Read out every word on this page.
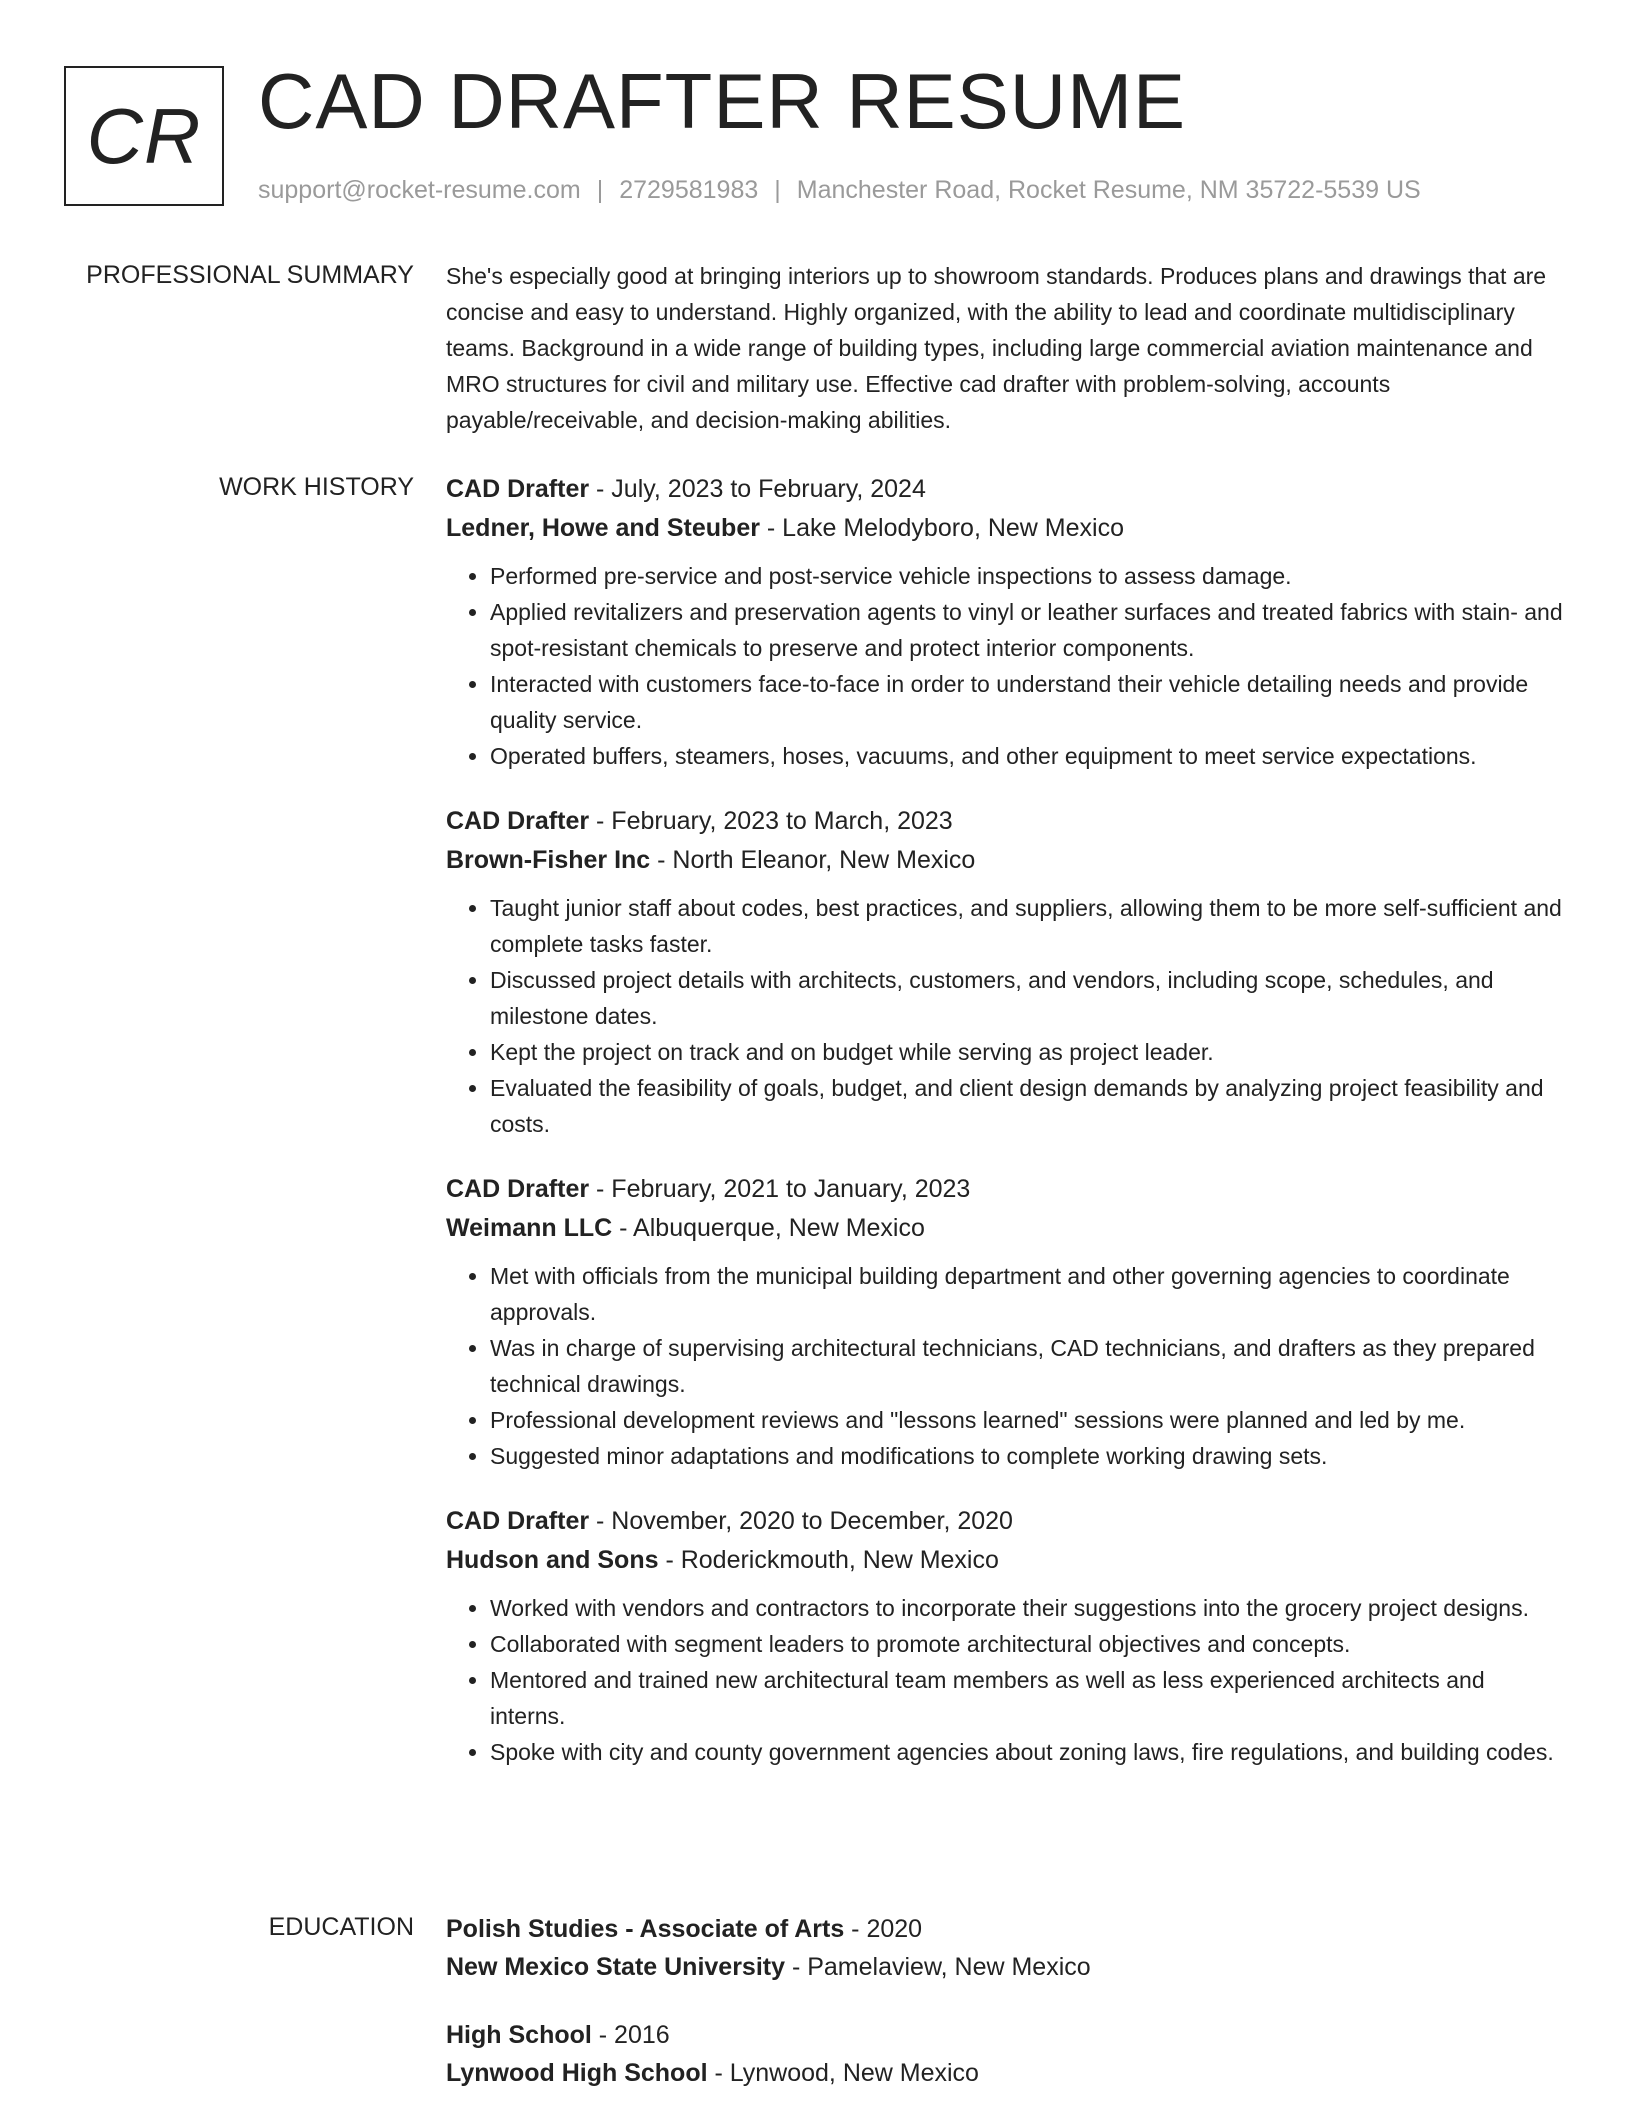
CR CAD DRAFTER RESUME
support@rocket-resume.com | 2729581983 | Manchester Road, Rocket Resume, NM 35722-5539 US
PROFESSIONAL SUMMARY She's especially good at bringing interiors up to showroom standards. Produces plans and drawings that are concise and easy to understand. Highly organized, with the ability to lead and coordinate multidisciplinary teams. Background in a wide range of building types, including large commercial aviation maintenance and MRO structures for civil and military use. Effective cad drafter with problem-solving, accounts payable/receivable, and decision-making abilities.

WORK HISTORY CAD Drafter - July, 2023 to February, 2024
Ledner, Howe and Steuber - Lake Melodyboro, New Mexico
• Performed pre-service and post-service vehicle inspections to assess damage.
• Applied revitalizers and preservation agents to vinyl or leather surfaces and treated fabrics with stain- and spot-resistant chemicals to preserve and protect interior components.
• Interacted with customers face-to-face in order to understand their vehicle detailing needs and provide quality service.
• Operated buffers, steamers, hoses, vacuums, and other equipment to meet service expectations.
CAD Drafter - February, 2023 to March, 2023
Brown-Fisher Inc - North Eleanor, New Mexico
• Taught junior staff about codes, best practices, and suppliers, allowing them to be more self-sufficient and complete tasks faster.
• Discussed project details with architects, customers, and vendors, including scope, schedules, and milestone dates.
• Kept the project on track and on budget while serving as project leader.
• Evaluated the feasibility of goals, budget, and client design demands by analyzing project feasibility and costs.
CAD Drafter - February, 2021 to January, 2023
Weimann LLC - Albuquerque, New Mexico
• Met with officials from the municipal building department and other governing agencies to coordinate approvals.
• Was in charge of supervising architectural technicians, CAD technicians, and drafters as they prepared technical drawings.
• Professional development reviews and "lessons learned" sessions were planned and led by me.
• Suggested minor adaptations and modifications to complete working drawing sets.
CAD Drafter - November, 2020 to December, 2020
Hudson and Sons - Roderickmouth, New Mexico
• Worked with vendors and contractors to incorporate their suggestions into the grocery project designs.
• Collaborated with segment leaders to promote architectural objectives and concepts.
• Mentored and trained new architectural team members as well as less experienced architects and interns.
• Spoke with city and county government agencies about zoning laws, fire regulations, and building codes.
EDUCATION Polish Studies - Associate of Arts - 2020
New Mexico State University - Pamelaview, New Mexico
High School - 2016
Lynwood High School - Lynwood, New Mexico
